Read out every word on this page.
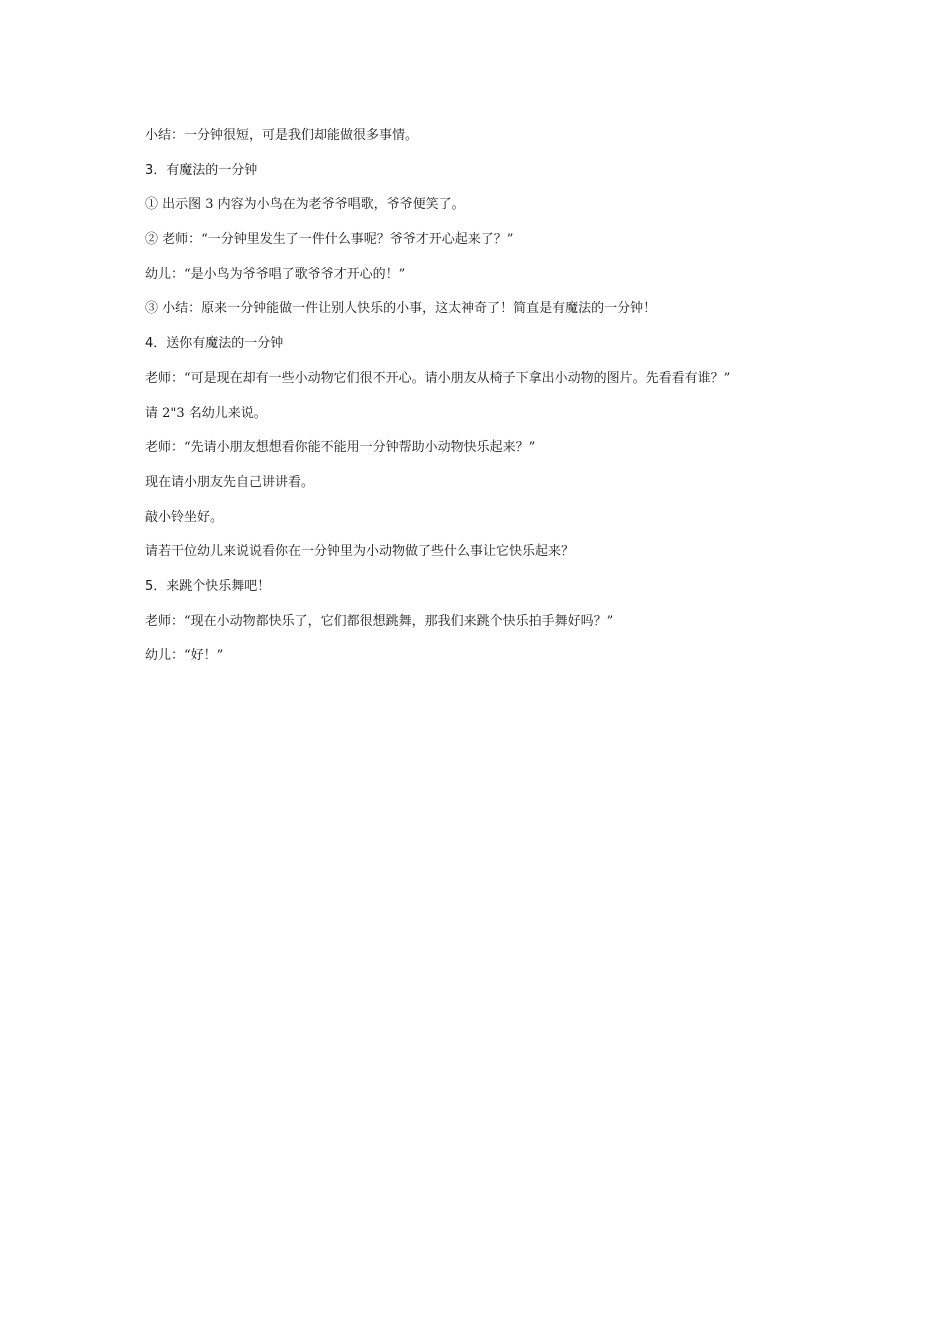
小结：一分钟很短，可是我们却能做很多事情。

3．有魔法的一分钟

① 出示图 3 内容为小鸟在为老爷爷唱歌，爷爷便笑了。

② 老师：“一分钟里发生了一件什么事呢？爷爷才开心起来了？”

幼儿：“是小鸟为爷爷唱了歌爷爷才开心的！”

③ 小结：原来一分钟能做一件让别人快乐的小事，这太神奇了！简直是有魔法的一分钟！

4．送你有魔法的一分钟

老师：“可是现在却有一些小动物它们很不开心。请小朋友从椅子下拿出小动物的图片。先看看有谁？”

请 2"3 名幼儿来说。

老师：“先请小朋友想想看你能不能用一分钟帮助小动物快乐起来？”

现在请小朋友先自己讲讲看。

敲小铃坐好。

请若干位幼儿来说说看你在一分钟里为小动物做了些什么事让它快乐起来？

5．来跳个快乐舞吧！

老师：“现在小动物都快乐了，它们都很想跳舞，那我们来跳个快乐拍手舞好吗？”

幼儿：“好！”
